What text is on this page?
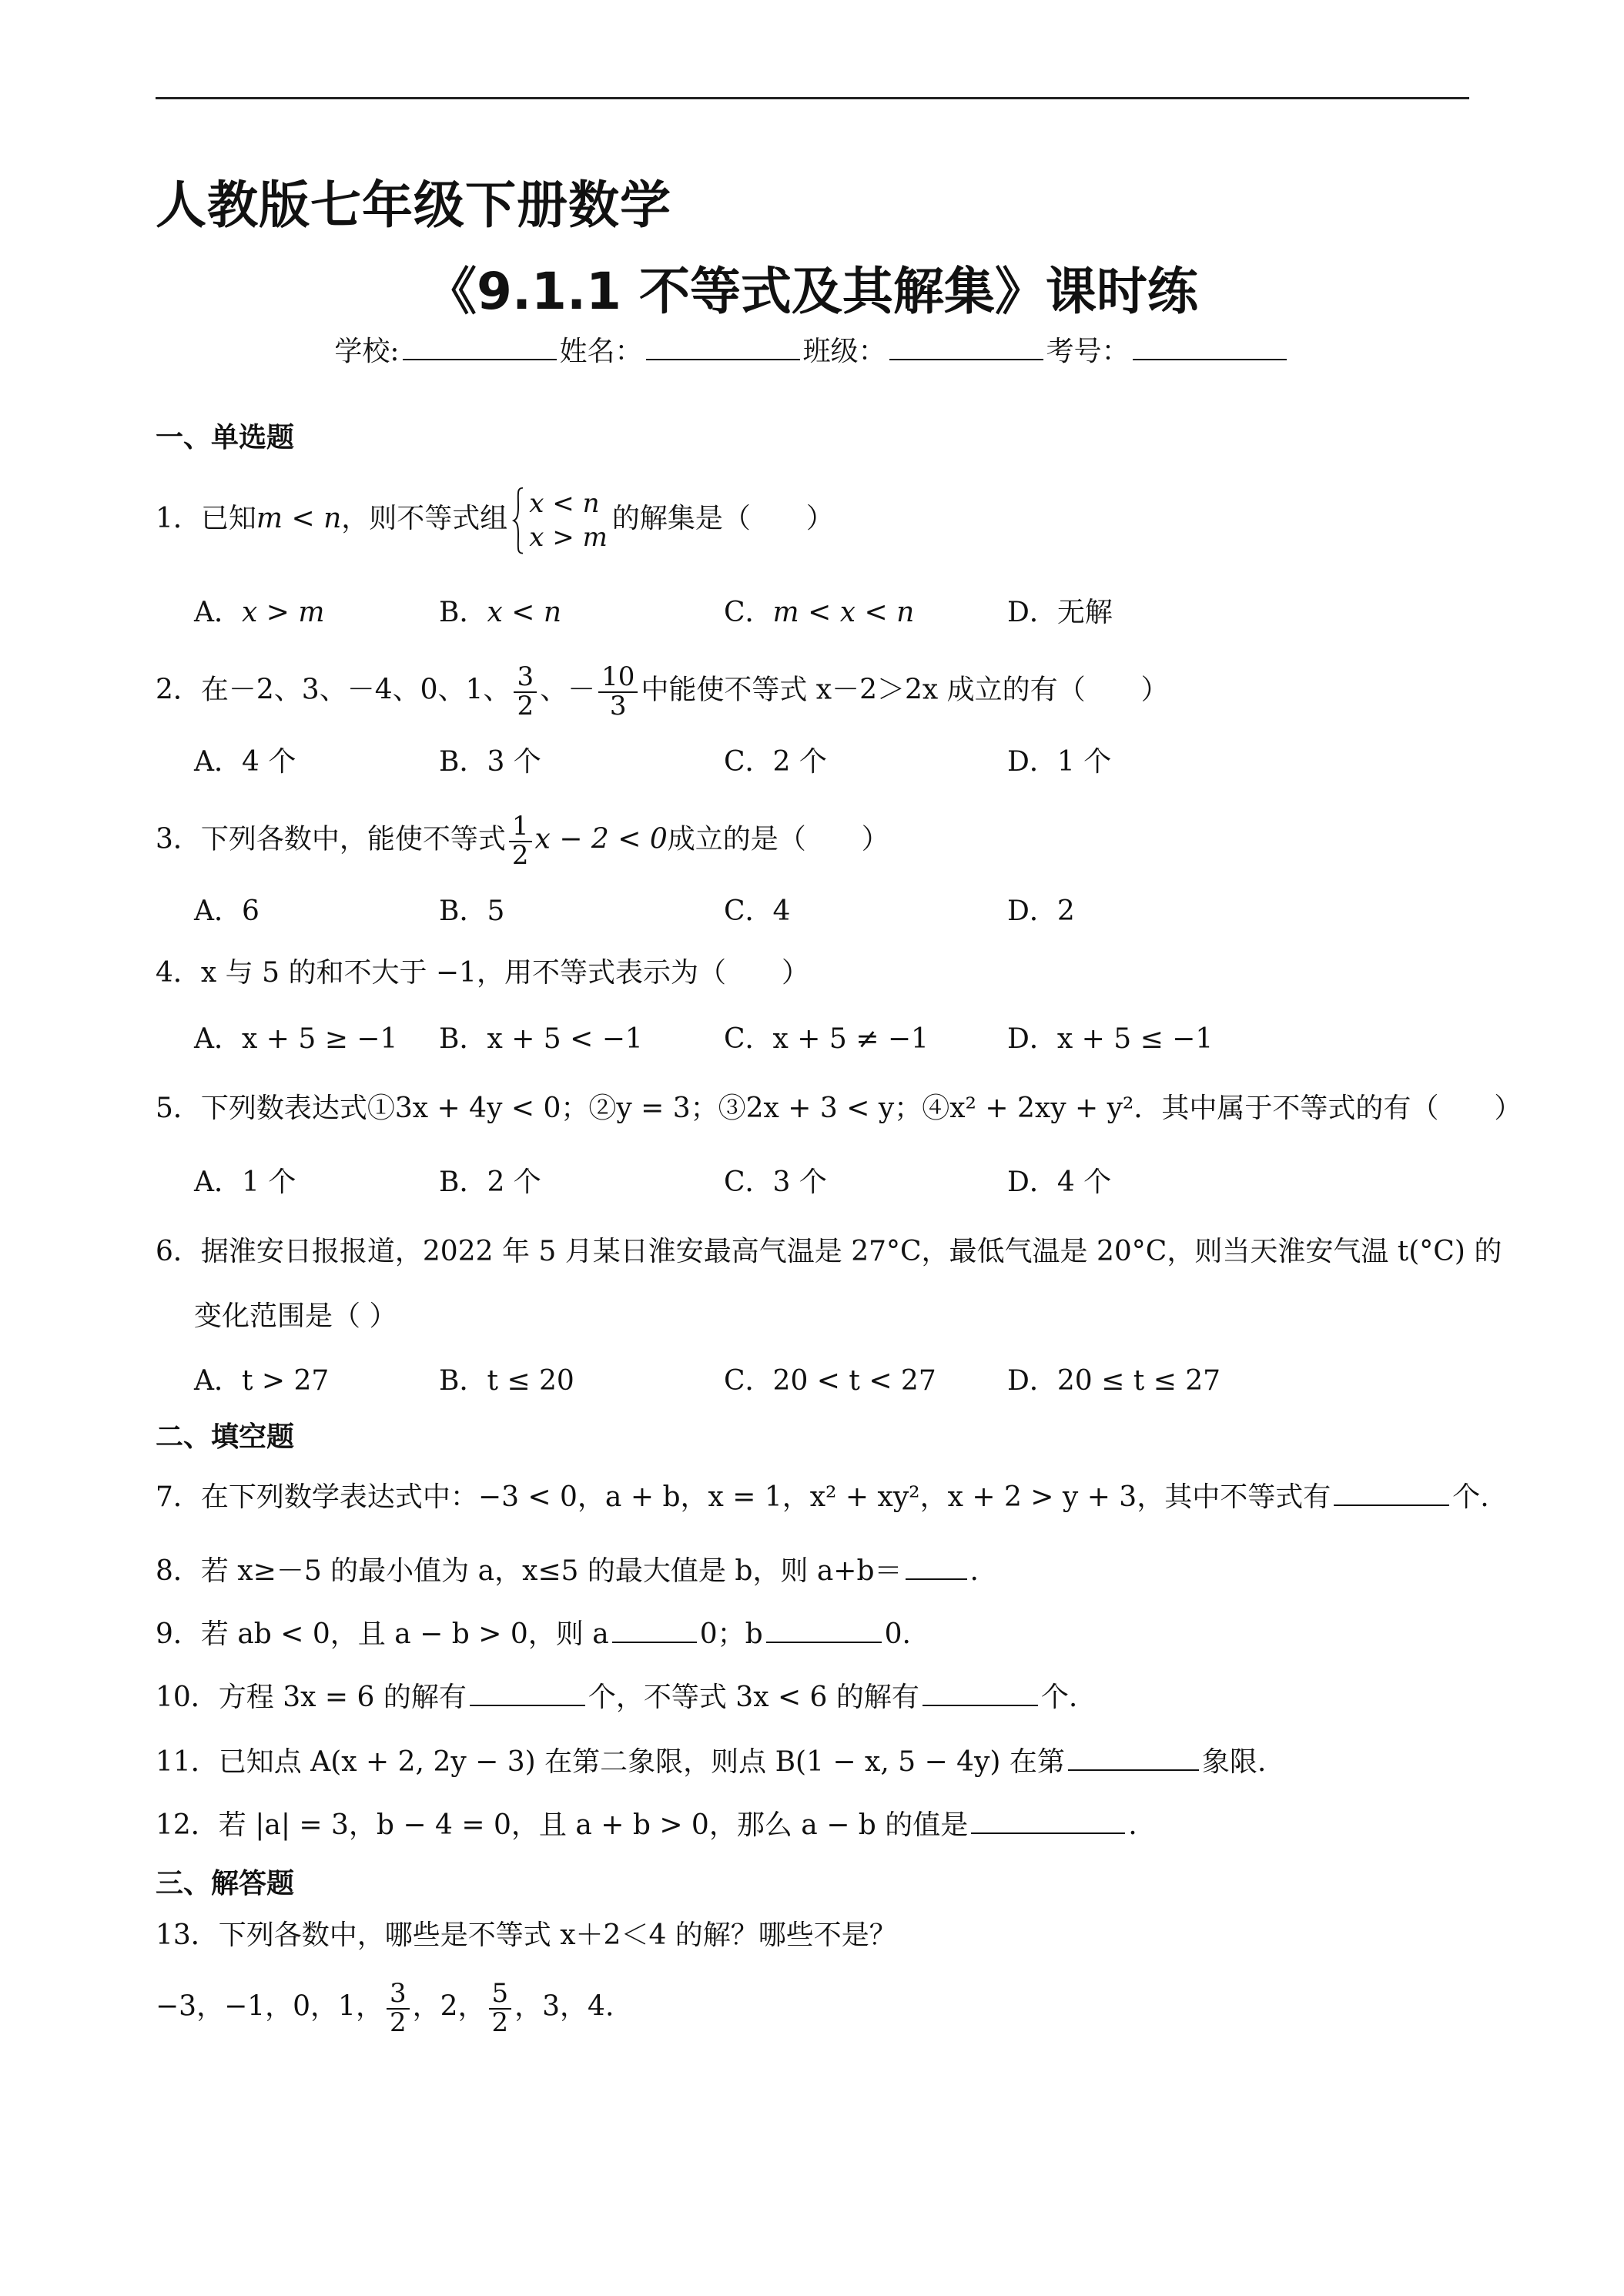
人教版七年级下册数学
《9.1.1 不等式及其解集》课时练
学校:	姓名：	班级：	考号：
一、单选题
1．已知m < n，则不等式组 x < n
x > m
的解集是（　　）
A．x > m	B．x < n	C．m < x < n	D．无解
2．在－2、3、－4、0、1、 $\frac{3}{2}$ 、－ $\frac{10}{3}$ 中能使不等式 x－2＞2x 成立的有（　　）
A．4 个	B．3 个	C．2 个	D．1 个
3．下列各数中，能使不等式 $\frac{1}{2}$ x − 2 < 0成立的是（　　）
A．6	B．5	C．4	D．2
4．x 与 5 的和不大于 −1，用不等式表示为（　　）
A．x + 5 ≥ −1 B．x + 5 < −1	C．x + 5 ≠ −1	D．x + 5 ≤ −1
5．下列数表达式①3x + 4y < 0；②y = 3；③2x + 3 < y；④x² + 2xy + y²．其中属于不等式的有（　　）
A．1 个	B．2 个	C．3 个	D．4 个
6．据淮安日报报道，2022 年 5 月某日淮安最高气温是 27°C，最低气温是 20°C，则当天淮安气温 t(°C) 的
变化范围是（ ）
A．t > 27	B．t ≤ 20	C．20 < t < 27	D．20 ≤ t ≤ 27
二、填空题
7．在下列数学表达式中：−3 < 0，a + b，x = 1，x² + xy²，x + 2 > y + 3，其中不等式有	个.
8．若 x≥－5 的最小值为 a，x≤5 的最大值是 b，则 a+b＝ .
9．若 ab < 0，且 a − b > 0，则 a	0；b	0.
10．方程 3x = 6 的解有	个，不等式 3x < 6 的解有	个.
11．已知点 A(x + 2, 2y − 3) 在第二象限，则点 B(1 − x, 5 − 4y) 在第	象限.
12．若 |a| = 3，b − 4 = 0，且 a + b > 0，那么 a − b 的值是	.
三、解答题
13．下列各数中，哪些是不等式 x＋2＜4 的解？哪些不是？
−3，−1，0，1， $\frac{3}{2}$ ，2， $\frac{5}{2}$ ，3，4.
